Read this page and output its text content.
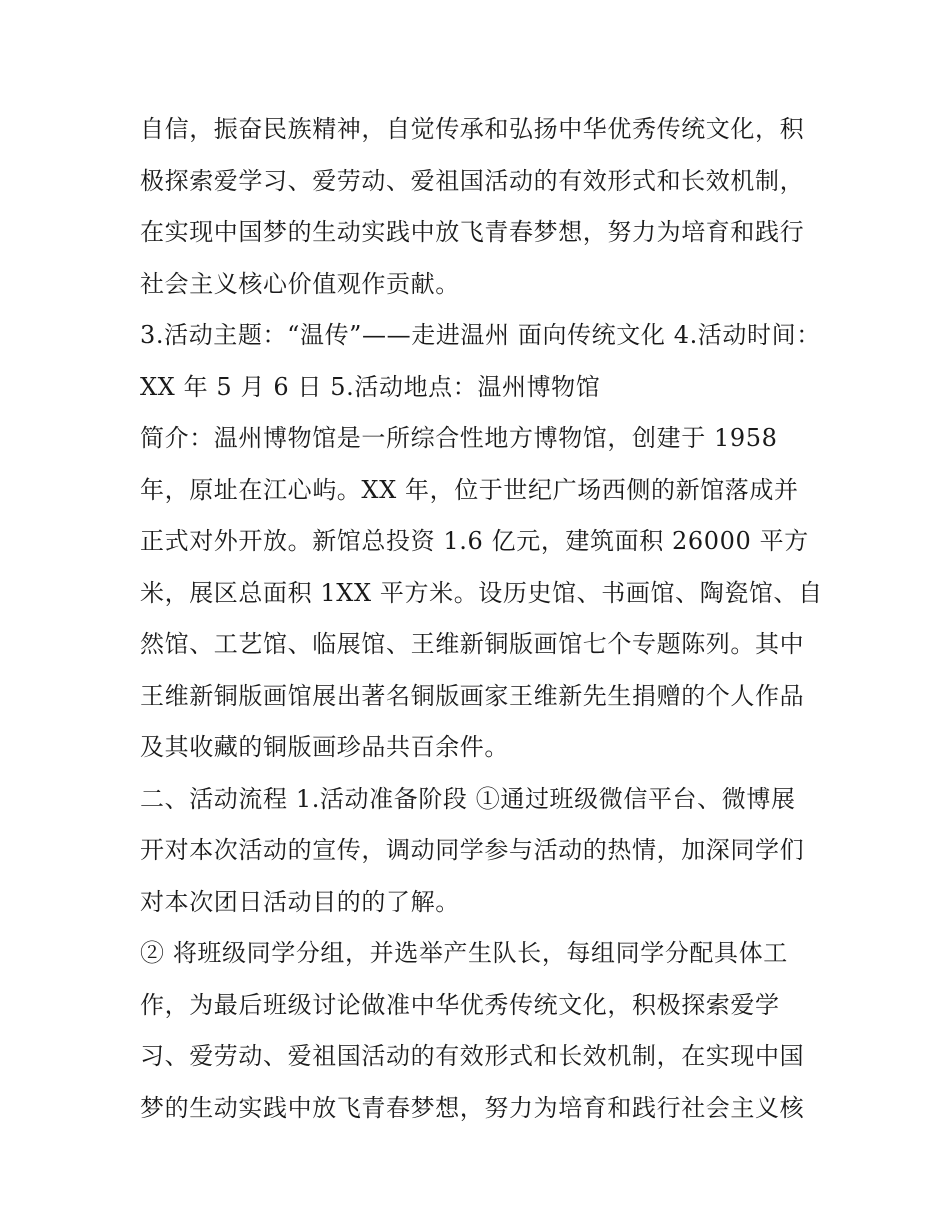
自信，振奋民族精神，自觉传承和弘扬中华优秀传统文化，积
极探索爱学习、爱劳动、爱祖国活动的有效形式和长效机制，
在实现中国梦的生动实践中放飞青春梦想，努力为培育和践行
社会主义核心价值观作贡献。
3.活动主题：“温传”——走进温州 面向传统文化 4.活动时间：
XX 年 5 月 6 日 5.活动地点：温州博物馆
简介：温州博物馆是一所综合性地方博物馆，创建于 1958
年，原址在江心屿。XX 年，位于世纪广场西侧的新馆落成并
正式对外开放。新馆总投资 1.6 亿元，建筑面积 26000 平方
米，展区总面积 1XX 平方米。设历史馆、书画馆、陶瓷馆、自
然馆、工艺馆、临展馆、王维新铜版画馆七个专题陈列。其中
王维新铜版画馆展出著名铜版画家王维新先生捐赠的个人作品
及其收藏的铜版画珍品共百余件。
二、活动流程 1.活动准备阶段 ①通过班级微信平台、微博展
开对本次活动的宣传，调动同学参与活动的热情，加深同学们
对本次团日活动目的的了解。
② 将班级同学分组，并选举产生队长，每组同学分配具体工
作，为最后班级讨论做准中华优秀传统文化，积极探索爱学
习、爱劳动、爱祖国活动的有效形式和长效机制，在实现中国
梦的生动实践中放飞青春梦想，努力为培育和践行社会主义核
